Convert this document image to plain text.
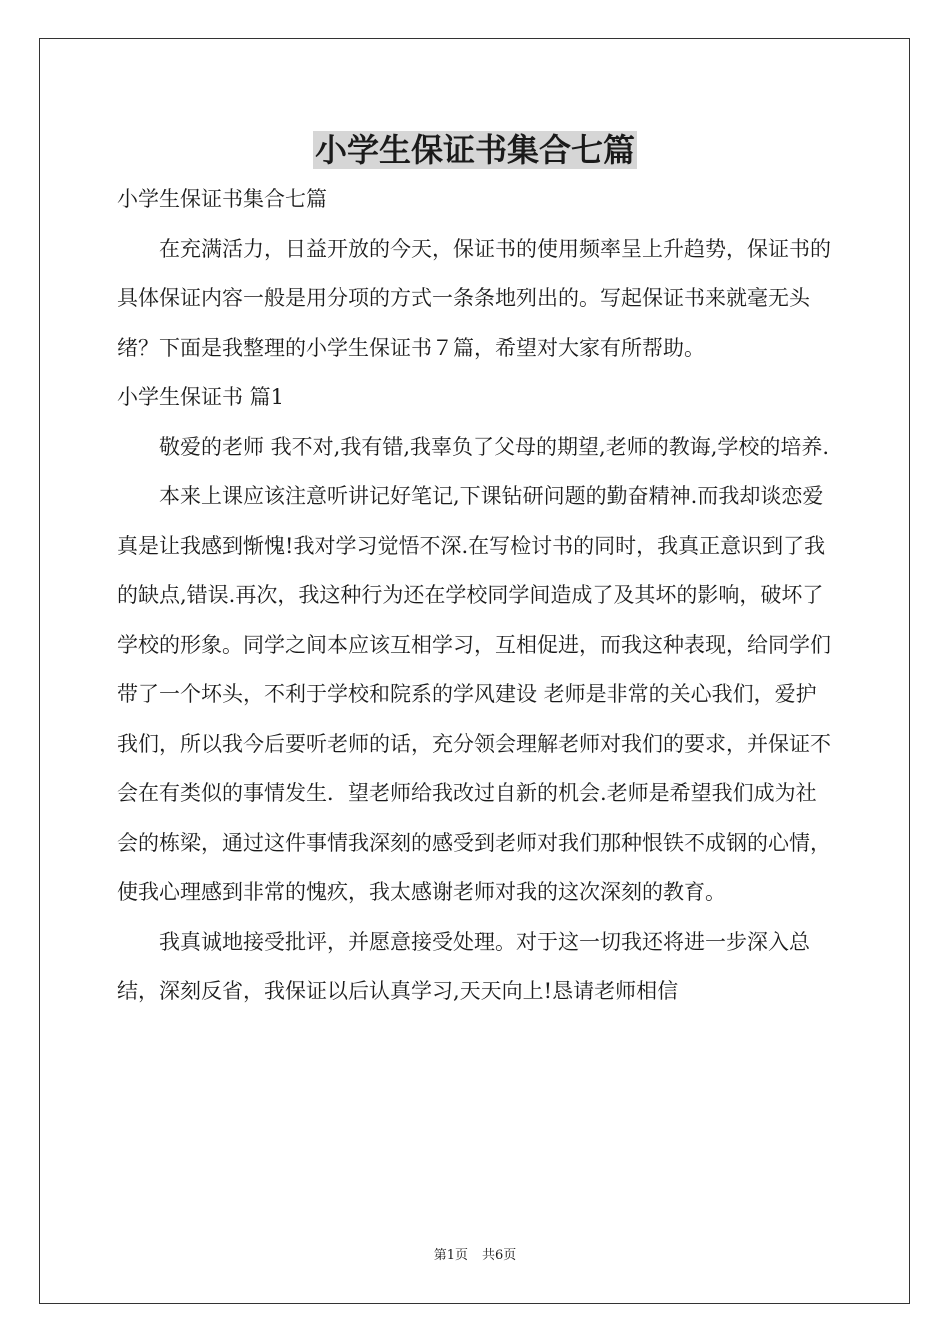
小学生保证书集合七篇

小学生保证书集合七篇

在充满活力，日益开放的今天，保证书的使用频率呈上升趋势，保证书的具体保证内容一般是用分项的方式一条条地列出的。写起保证书来就毫无头绪？下面是我整理的小学生保证书７篇，希望对大家有所帮助。

小学生保证书 篇1

敬爱的老师 我不对,我有错,我辜负了父母的期望,老师的教诲,学校的培养.

本来上课应该注意听讲记好笔记,下课钻研问题的勤奋精神.而我却谈恋爱真是让我感到惭愧!我对学习觉悟不深.在写检讨书的同时，我真正意识到了我的缺点,错误.再次，我这种行为还在学校同学间造成了及其坏的影响，破坏了学校的形象。同学之间本应该互相学习，互相促进，而我这种表现，给同学们带了一个坏头，不利于学校和院系的学风建设 老师是非常的关心我们，爱护我们，所以我今后要听老师的话，充分领会理解老师对我们的要求，并保证不会在有类似的事情发生．望老师给我改过自新的机会.老师是希望我们成为社会的栋梁，通过这件事情我深刻的感受到老师对我们那种恨铁不成钢的心情，使我心理感到非常的愧疚，我太感谢老师对我的这次深刻的教育。

我真诚地接受批评，并愿意接受处理。对于这一切我还将进一步深入总结，深刻反省，我保证以后认真学习,天天向上!恳请老师相信

第1页 共6页
